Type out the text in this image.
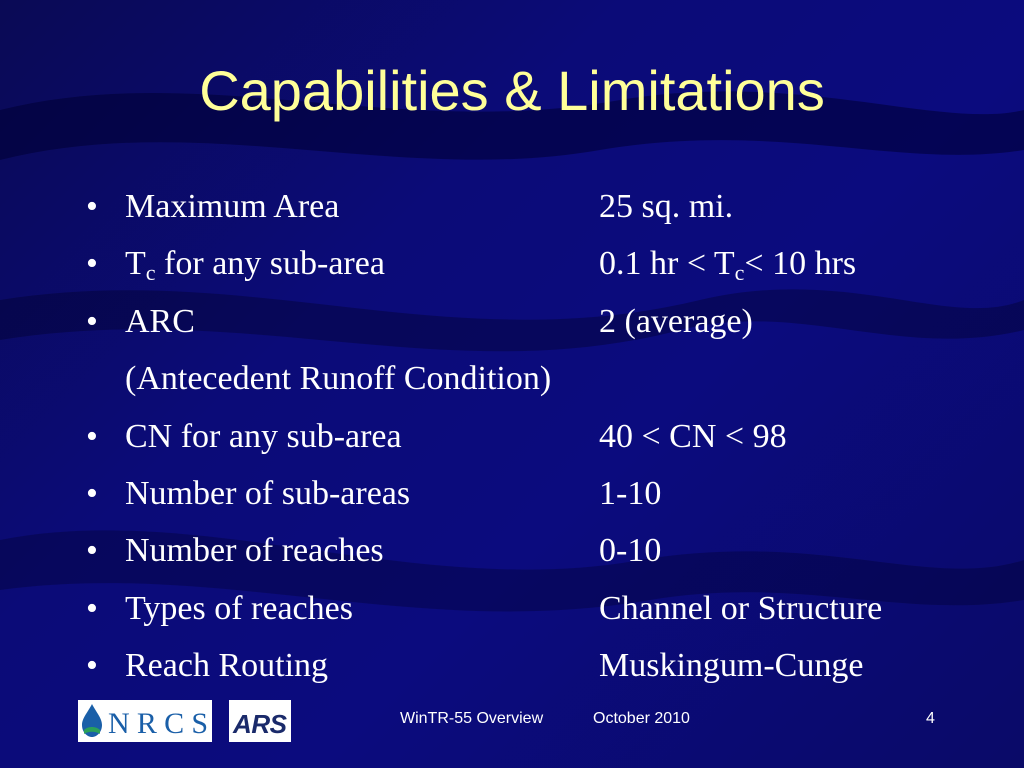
Capabilities & Limitations
• Maximum Area	25 sq. mi.
• $T_c$ for any sub-area	0.1 hr < $T_c< 10$ hrs
• ARC	2 (average)
(Antecedent Runoff Condition)
• CN for any sub-area	40 < CN < 98
• Number of sub-areas	1-10
• Number of reaches	0-10
• Types of reaches	Channel or Structure
• Reach Routing	Muskingum-Cunge
NRCS ARS	WinTR-55 Overview	October 2010	4
